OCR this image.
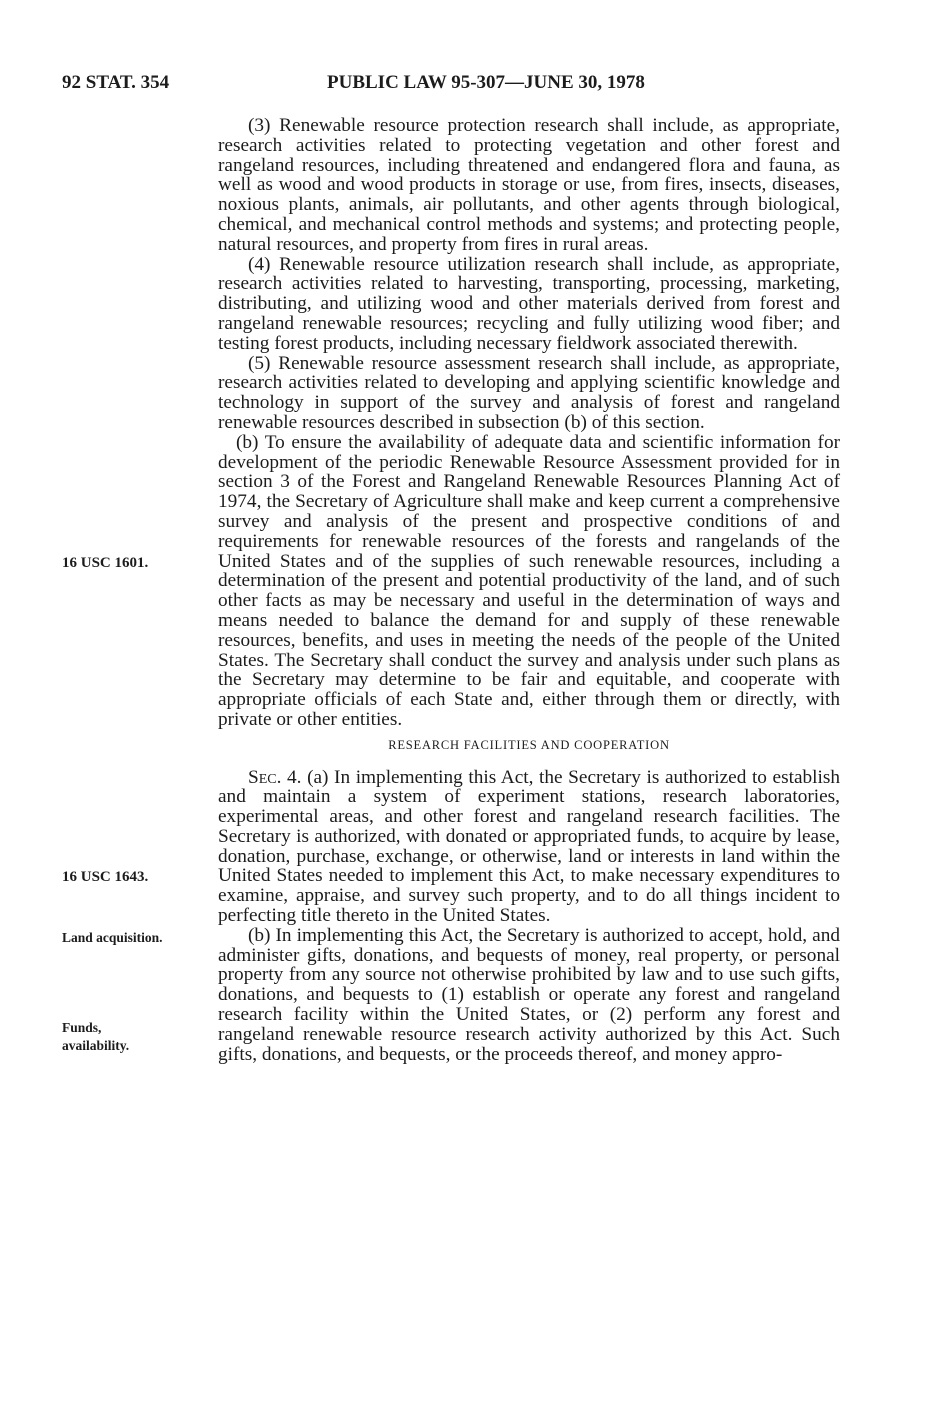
92 STAT. 354	PUBLIC LAW 95-307—JUNE 30, 1978
16 USC 1601.
16 USC 1643.
Land acquisition.
Funds, availability.

(3) Renewable resource protection research shall include, as appropriate, research activities related to protecting vegetation and other forest and rangeland resources, including threatened and endangered flora and fauna, as well as wood and wood products in storage or use, from fires, insects, diseases, noxious plants, animals, air pollutants, and other agents through biological, chemical, and mechanical control methods and systems; and protecting people, natural resources, and property from fires in rural areas.

(4) Renewable resource utilization research shall include, as appropriate, research activities related to harvesting, transporting, processing, marketing, distributing, and utilizing wood and other materials derived from forest and rangeland renewable resources; recycling and fully utilizing wood fiber; and testing forest products, including necessary fieldwork associated therewith.

(5) Renewable resource assessment research shall include, as appropriate, research activities related to developing and applying scientific knowledge and technology in support of the survey and analysis of forest and rangeland renewable resources described in subsection (b) of this section.

(b) To ensure the availability of adequate data and scientific information for development of the periodic Renewable Resource Assessment provided for in section 3 of the Forest and Rangeland Renewable Resources Planning Act of 1974, the Secretary of Agriculture shall make and keep current a comprehensive survey and analysis of the present and prospective conditions of and requirements for renewable resources of the forests and rangelands of the United States and of the supplies of such renewable resources, including a determination of the present and potential productivity of the land, and of such other facts as may be necessary and useful in the determination of ways and means needed to balance the demand for and supply of these renewable resources, benefits, and uses in meeting the needs of the people of the United States. The Secretary shall conduct the survey and analysis under such plans as the Secretary may determine to be fair and equitable, and cooperate with appropriate officials of each State and, either through them or directly, with private or other entities.

RESEARCH FACILITIES AND COOPERATION

Sec. 4. (a) In implementing this Act, the Secretary is authorized to establish and maintain a system of experiment stations, research laboratories, experimental areas, and other forest and rangeland research facilities. The Secretary is authorized, with donated or appropriated funds, to acquire by lease, donation, purchase, exchange, or otherwise, land or interests in land within the United States needed to implement this Act, to make necessary expenditures to examine, appraise, and survey such property, and to do all things incident to perfecting title thereto in the United States.

(b) In implementing this Act, the Secretary is authorized to accept, hold, and administer gifts, donations, and bequests of money, real property, or personal property from any source not otherwise prohibited by law and to use such gifts, donations, and bequests to (1) establish or operate any forest and rangeland research facility within the United States, or (2) perform any forest and rangeland renewable resource research activity authorized by this Act. Such gifts, donations, and bequests, or the proceeds thereof, and money appro-
